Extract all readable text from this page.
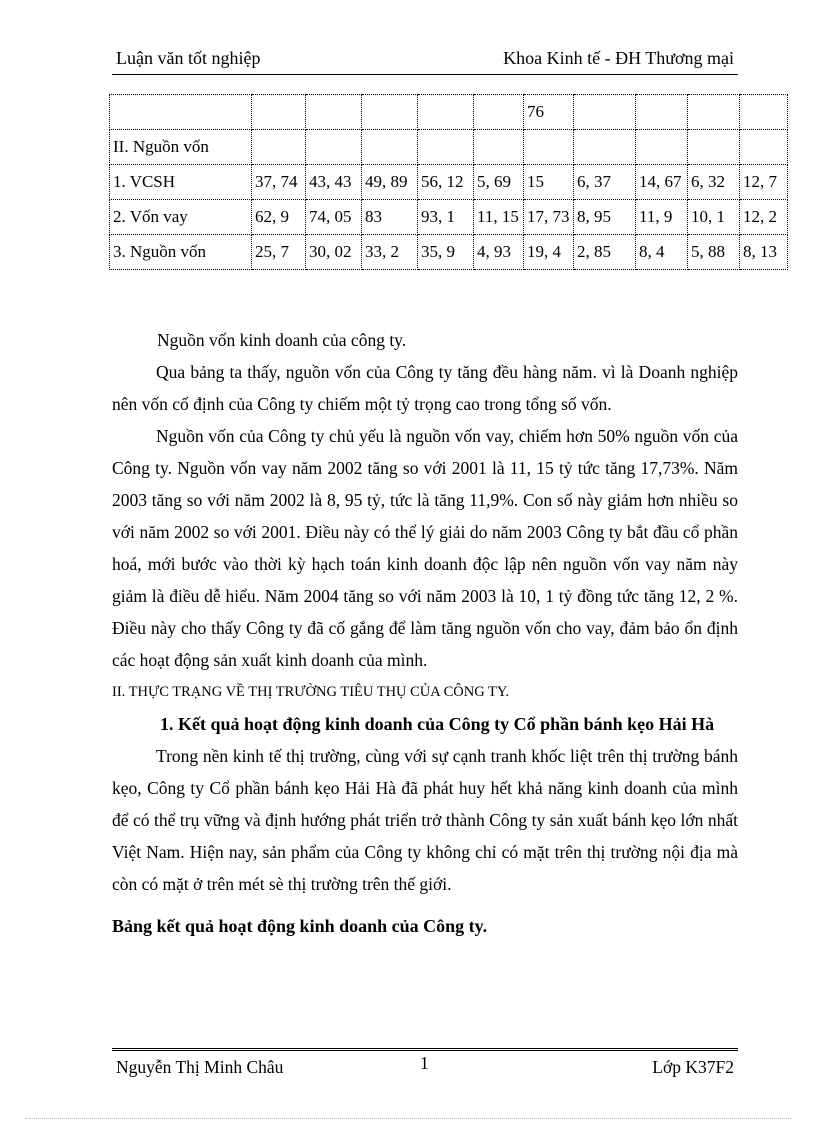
Luận văn tốt nghiệp	Khoa Kinh tế - ĐH Thương mại
						76				
II. Nguồn vốn										
1. VCSH	37, 74	43, 43	49, 89	56, 12	5, 69	15	6, 37	14, 67	6, 32	12, 7
2. Vốn vay	62, 9	74, 05	83	93, 1	11, 15	17, 73	8, 95	11, 9	10, 1	12, 2
3. Nguồn vốn	25, 7	30, 02	33, 2	35, 9	4, 93	19, 4	2, 85	8, 4	5, 88	8, 13

Nguồn vốn kinh doanh của công ty.

Qua bảng ta thấy, nguồn vốn của Công ty tăng đều hàng năm. vì là Doanh nghiệp nên vốn cố định của Công ty chiếm một tỷ trọng cao trong tổng số vốn.

Nguồn vốn của Công ty chủ yếu là nguồn vốn vay, chiếm hơn 50% nguồn vốn của Công ty. Nguồn vốn vay năm 2002 tăng so với 2001 là 11, 15 tỷ tức tăng 17,73%. Năm 2003 tăng so với năm 2002 là 8, 95 tỷ, tức là tăng 11,9%. Con số này giảm hơn nhiều so với năm 2002 so với 2001. Điều này có thể lý giải do năm 2003 Công ty bắt đầu cổ phần hoá, mới bước vào thời kỳ hạch toán kinh doanh độc lập nên nguồn vốn vay năm này giảm là điều dễ hiểu. Năm 2004 tăng so với năm 2003 là 10, 1 tỷ đồng tức tăng 12, 2 %. Điều này cho thấy Công ty đã cố gắng để làm tăng nguồn vốn cho vay, đảm bảo ổn định các hoạt động sản xuất kinh doanh của mình.

II. THỰC TRẠNG VỀ THỊ TRƯỜNG TIÊU THỤ CỦA CÔNG TY.

1. Kết quả hoạt động kinh doanh của Công ty Cổ phần bánh kẹo Hải Hà

Trong nền kinh tế thị trường, cùng với sự cạnh tranh khốc liệt trên thị trường bánh kẹo, Công ty Cổ phần bánh kẹo Hải Hà đã phát huy hết khả năng kinh doanh của mình để có thể trụ vững và định hướng phát triển trở thành Công ty sản xuất bánh kẹo lớn nhất Việt Nam. Hiện nay, sản phẩm của Công ty không chỉ có mặt trên thị trường nội địa mà còn có mặt ở trên mét sè thị trường trên thế giới.

Bảng kết quả hoạt động kinh doanh của Công ty.

Nguyễn Thị Minh Châu	1	Lớp K37F2
